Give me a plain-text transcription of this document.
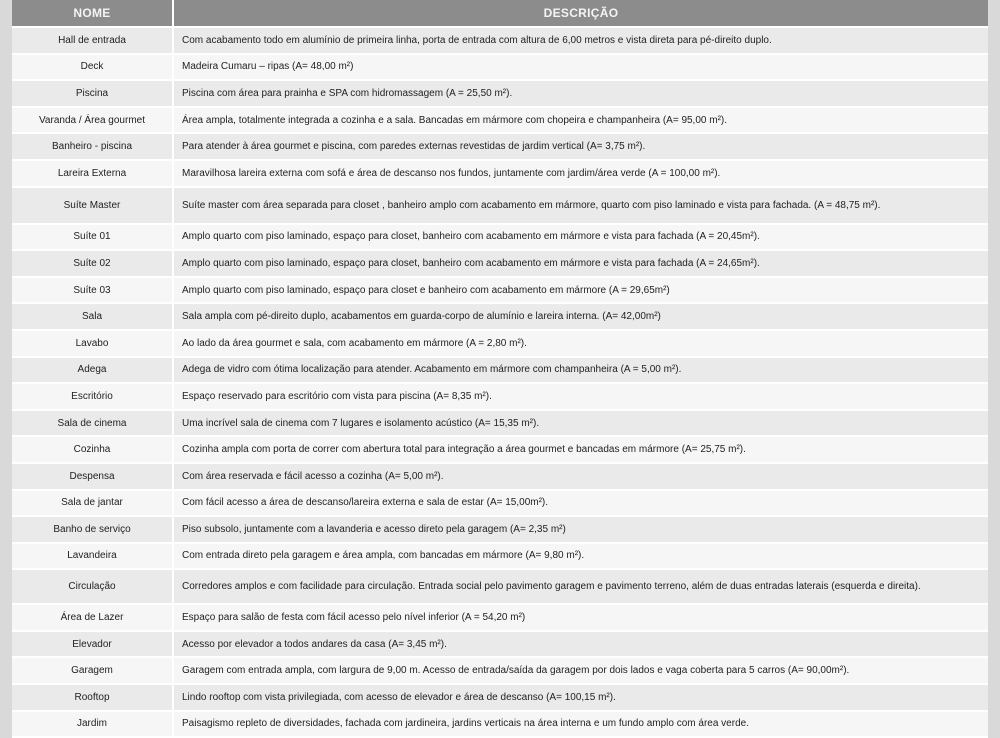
NOME	DESCRIÇÃO
Hall de entrada	Com acabamento todo em alumínio de primeira linha, porta de entrada com altura de 6,00 metros e vista direta para pé-direito duplo.
Deck	Madeira Cumaru – ripas (A= 48,00 m²)
Piscina	Piscina com área para prainha e SPA com hidromassagem (A = 25,50 m²).
Varanda / Área gourmet	Área ampla, totalmente integrada a cozinha e a sala. Bancadas em mármore com chopeira e champanheira (A= 95,00 m²).
Banheiro - piscina	Para atender à área gourmet e piscina, com paredes externas revestidas de jardim vertical (A= 3,75 m²).
Lareira Externa	Maravilhosa lareira externa com sofá e área de descanso nos fundos, juntamente com jardim/área verde (A = 100,00 m²).
Suíte Master	Suíte master com área separada para closet , banheiro amplo com acabamento em mármore, quarto com piso laminado e vista para fachada. (A = 48,75 m²).
Suíte 01	Amplo quarto com piso laminado, espaço para closet, banheiro com acabamento em mármore e vista para fachada (A = 20,45m²).
Suíte 02	Amplo quarto com piso laminado, espaço para closet, banheiro com acabamento em mármore e vista para fachada (A = 24,65m²).
Suíte 03	Amplo quarto com piso laminado, espaço para closet e banheiro com acabamento em mármore (A = 29,65m²)
Sala	Sala ampla com pé-direito duplo, acabamentos em guarda-corpo de alumínio e lareira interna. (A= 42,00m²)
Lavabo	Ao lado da área gourmet e sala, com acabamento em mármore (A = 2,80 m²).
Adega	Adega de vidro com ótima localização para atender. Acabamento em mármore com champanheira (A = 5,00 m²).
Escritório	Espaço reservado para escritório com vista para piscina (A= 8,35 m²).
Sala de cinema	Uma incrível sala de cinema com 7 lugares e isolamento acústico (A= 15,35 m²).
Cozinha	Cozinha ampla com porta de correr com abertura total para integração a área gourmet e bancadas em mármore (A= 25,75 m²).
Despensa	Com área reservada e fácil acesso a cozinha (A= 5,00 m²).
Sala de jantar	Com fácil acesso a área de descanso/lareira externa e sala de estar (A= 15,00m²).
Banho de serviço	Piso subsolo, juntamente com a lavanderia e acesso direto pela garagem (A= 2,35 m²)
Lavandeira	Com entrada direto pela garagem e área ampla, com bancadas em mármore (A= 9,80 m²).
Circulação	Corredores amplos e com facilidade para circulação. Entrada social pelo pavimento garagem e pavimento terreno, além de duas entradas laterais (esquerda e direita).
Área de Lazer	Espaço para salão de festa com fácil acesso pelo nível inferior (A = 54,20 m²)
Elevador	Acesso por elevador a todos andares da casa (A= 3,45 m²).
Garagem	Garagem com entrada ampla, com largura de 9,00 m. Acesso de entrada/saída da garagem por dois lados e vaga coberta para 5 carros (A= 90,00m²).
Rooftop	Lindo rooftop com vista privilegiada, com acesso de elevador e área de descanso (A= 100,15 m²).
Jardim	Paisagismo repleto de diversidades, fachada com jardineira, jardins verticais na área interna e um fundo amplo com área verde.
